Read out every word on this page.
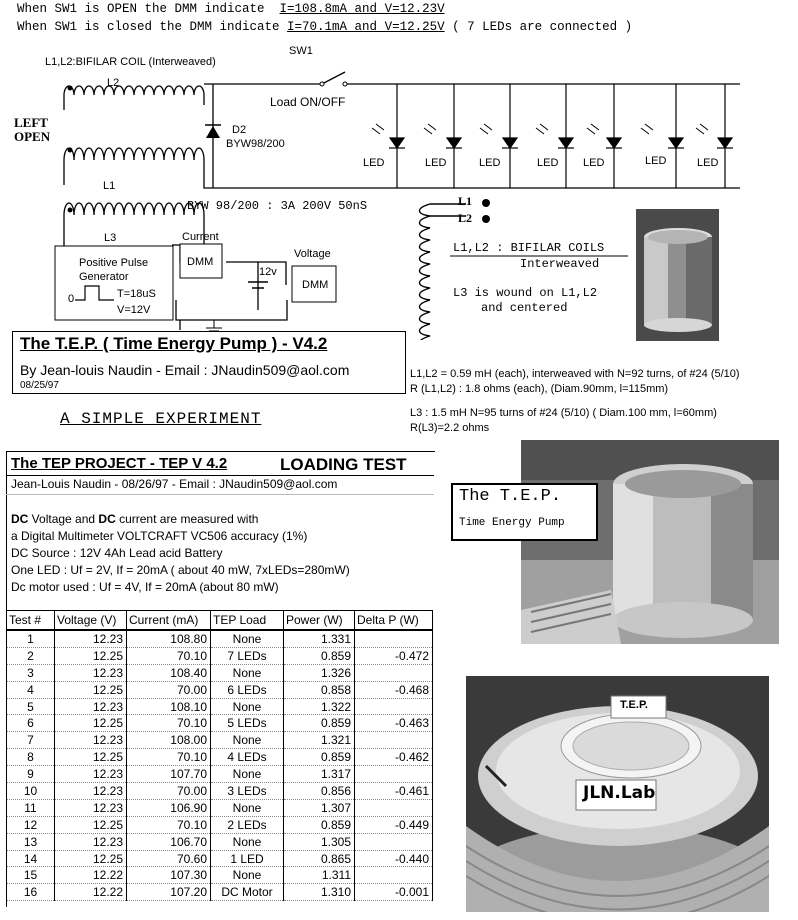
When SW1 is OPEN the DMM indicate  I=108.8mA and V=12.23V
When SW1 is closed the DMM indicate I=70.1mA and V=12.25V ( 7 LEDs are connected )
L1,L2:BIFILAR COIL (Interweaved)
SW1
Load ON/OFF
LEFT
OPEN
L2
L1
L3
D2
BYW98/200
BYW 98/200 : 3A 200V 50nS
LED	LED	LED	LED LED	LED	LED
Current
Voltage
DMM
DMM
12v
Positive Pulse
Generator
0	T=18uS
V=12V
L1
L2
L1,L2 : BIFILAR COILS
Interweaved
L3 is wound on L1,L2
and centered
The T.E.P. ( Time Energy Pump ) - V4.2
By Jean-louis Naudin - Email : JNaudin509@aol.com
08/25/97
L1,L2 = 0.59 mH (each), interweaved with N=92 turns, of #24 (5/10)
R (L1,L2) : 1.8 ohms (each), (Diam.90mm, l=115mm)
L3 : 1.5 mH N=95 turns of #24 (5/10) ( Diam.100 mm, l=60mm)
R(L3)=2.2 ohms
A SIMPLE EXPERIMENT
The TEP PROJECT - TEP V 4.2	LOADING TEST
Jean-Louis Naudin - 08/26/97 - Email : JNaudin509@aol.com
DC Voltage and DC current are measured with
a Digital Multimeter VOLTCRAFT VC506 accuracy (1%)
DC Source : 12V 4Ah Lead acid Battery
One LED : Uf = 2V, If = 20mA ( about 40 mW, 7xLEDs=280mW)
Dc motor used : Uf = 4V, If = 20mA (about 80 mW)
Test #	Voltage (V)	Current (mA)	TEP Load	Power (W)	Delta P (W)
1	12.23	108.80	None	1.331	
2	12.25	70.10	7 LEDs	0.859	-0.472
3	12.23	108.40	None	1.326	
4	12.25	70.00	6 LEDs	0.858	-0.468
5	12.23	108.10	None	1.322	
6	12.25	70.10	5 LEDs	0.859	-0.463
7	12.23	108.00	None	1.321	
8	12.25	70.10	4 LEDs	0.859	-0.462
9	12.23	107.70	None	1.317	
10	12.23	70.00	3 LEDs	0.856	-0.461
11	12.23	106.90	None	1.307	
12	12.25	70.10	2 LEDs	0.859	-0.449
13	12.23	106.70	None	1.305	
14	12.25	70.60	1 LED	0.865	-0.440
15	12.22	107.30	None	1.311	
16	12.22	107.20	DC Motor	1.310	-0.001
The T.E.P.
Time Energy Pump
T.E.P.
JLN.Lab
